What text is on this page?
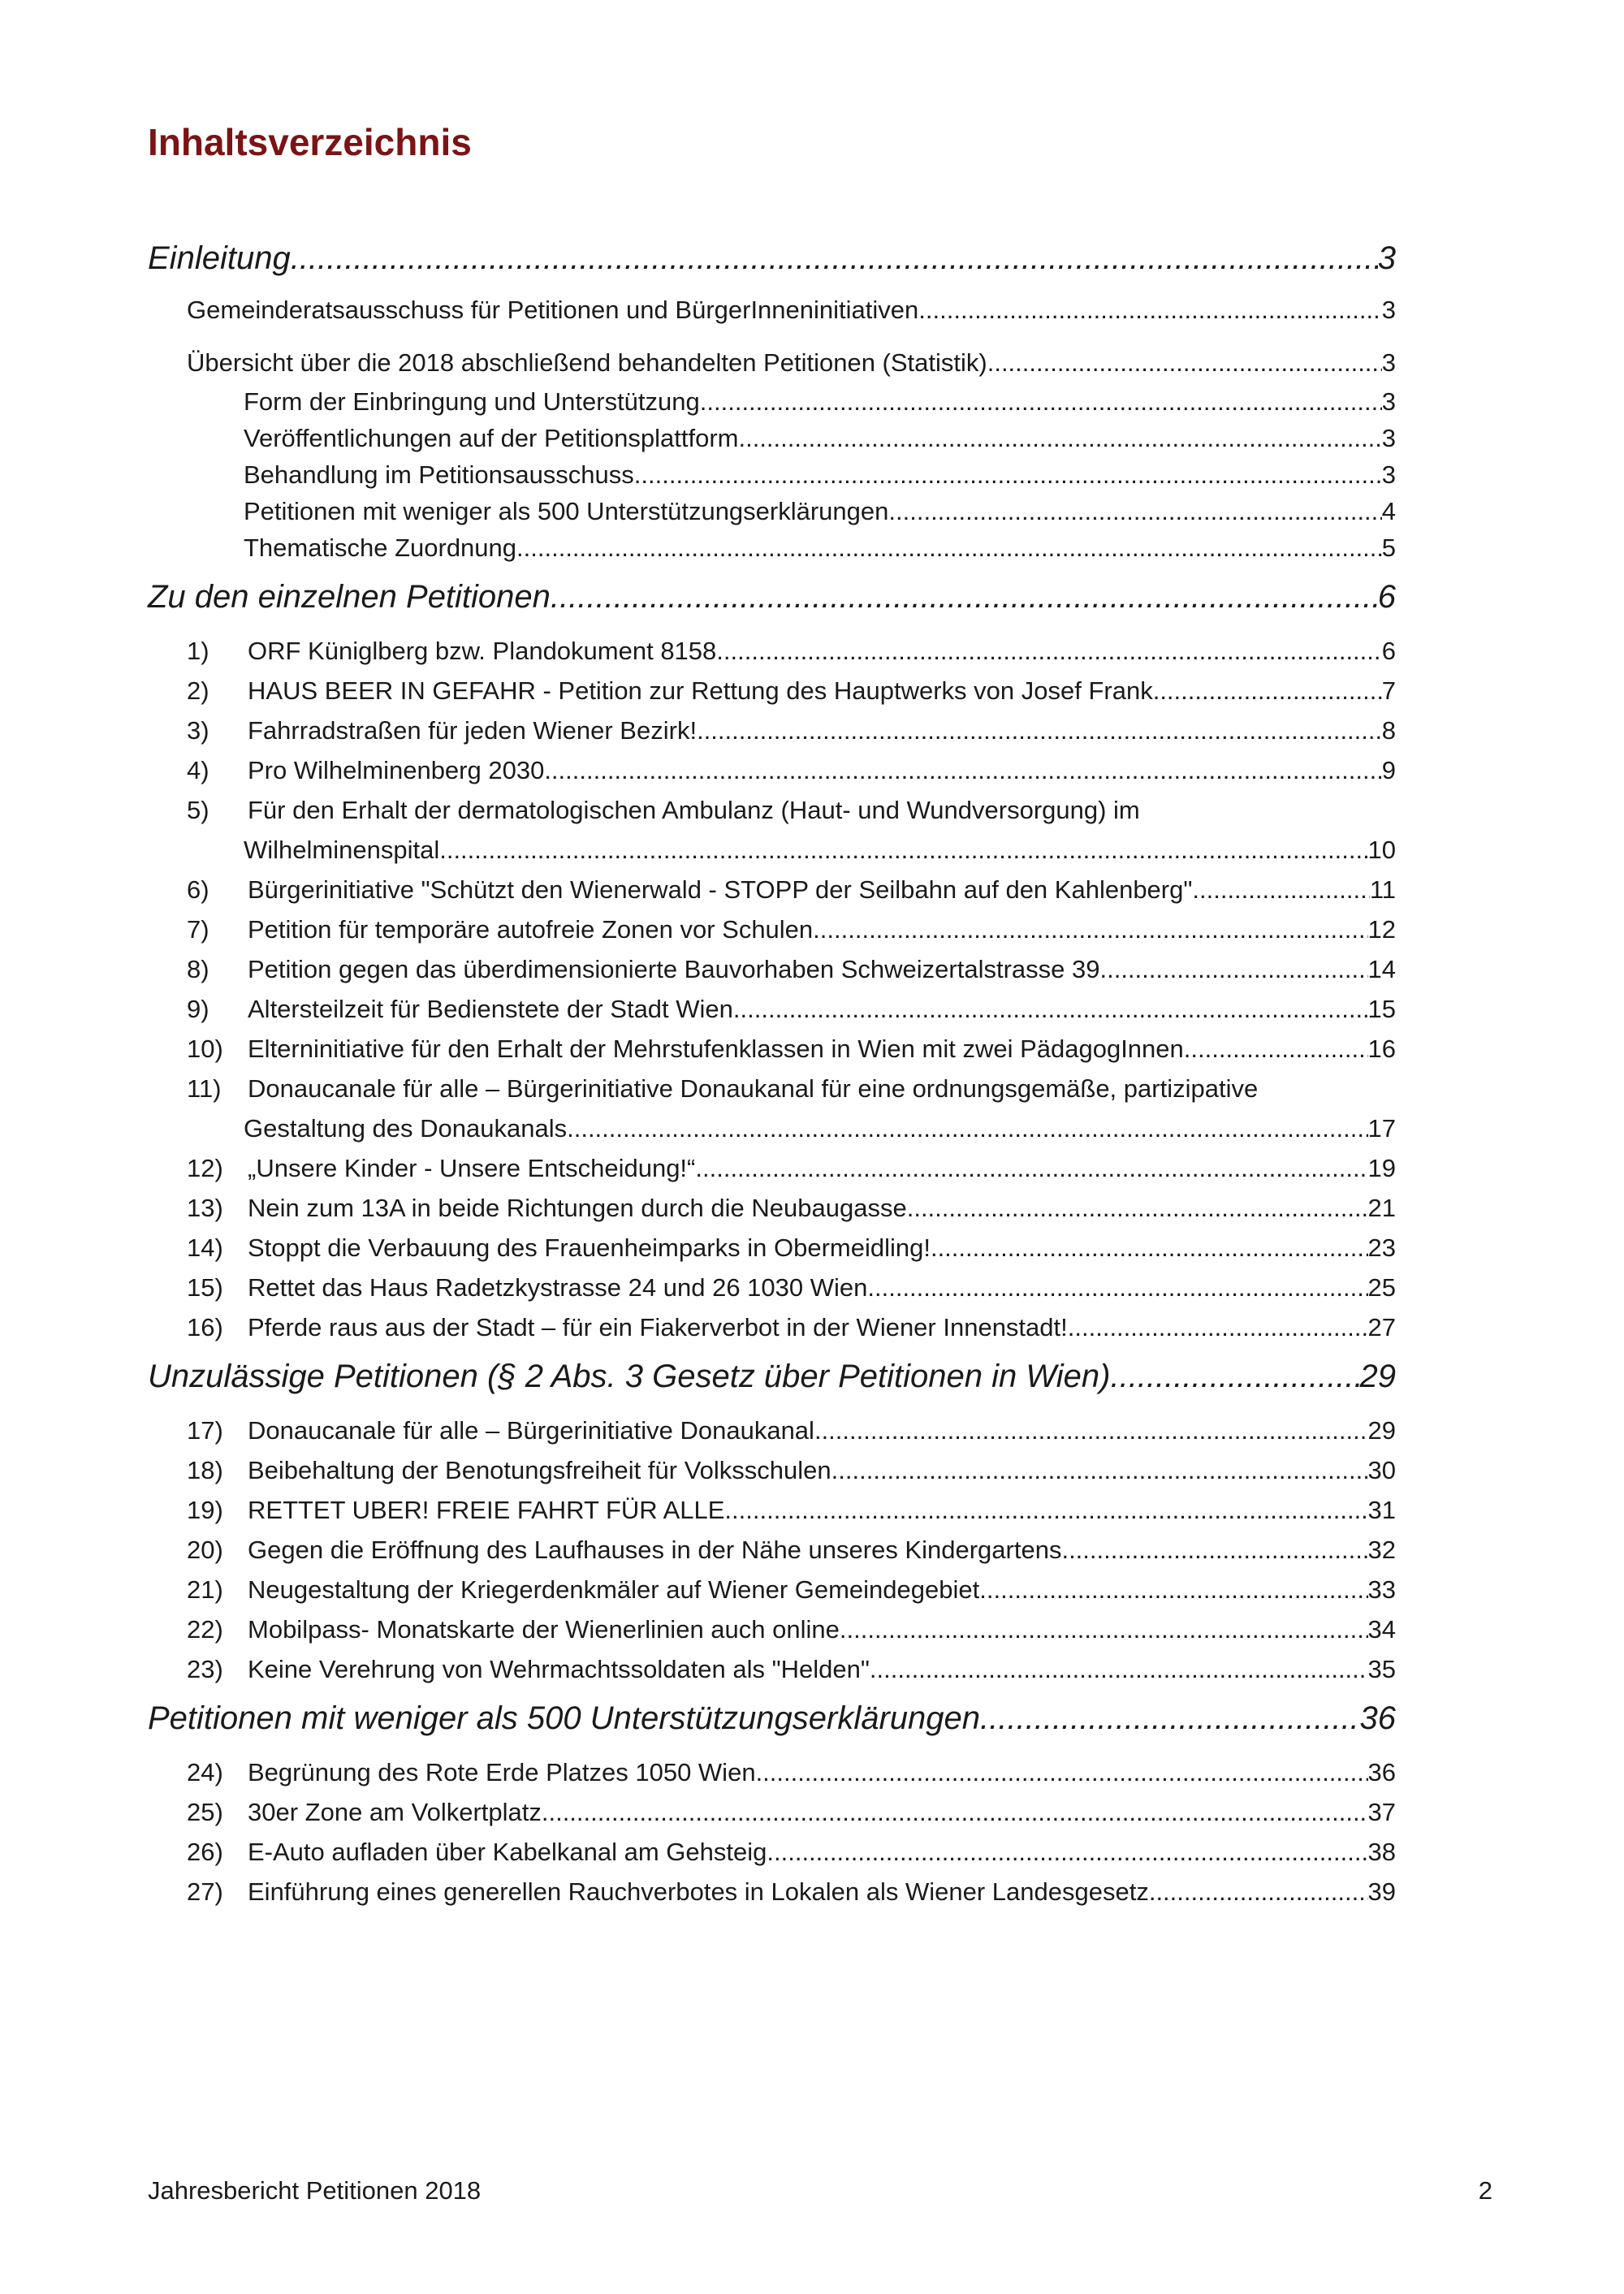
Inhaltsverzeichnis
Einleitung .....	3
Gemeinderatsausschuss für Petitionen und BürgerInneninitiativen .....	3
Übersicht über die 2018 abschließend behandelten Petitionen (Statistik) .....	3
Form der Einbringung und Unterstützung .....	3
Veröffentlichungen auf der Petitionsplattform .....	3
Behandlung im Petitionsausschuss .....	3
Petitionen mit weniger als 500 Unterstützungserklärungen .....	4
Thematische Zuordnung .....	5
Zu den einzelnen Petitionen .....	6
1)	ORF Küniglberg bzw. Plandokument 8158 .....	6
2)	HAUS BEER IN GEFAHR - Petition zur Rettung des Hauptwerks von Josef Frank .....	7
3)	Fahrradstraßen für jeden Wiener Bezirk! .....	8
4)	Pro Wilhelminenberg 2030 .....	9
5)	Für den Erhalt der dermatologischen Ambulanz (Haut- und Wundversorgung) im
Wilhelminenspital .....	10
6)	Bürgerinitiative "Schützt den Wienerwald - STOPP der Seilbahn auf den Kahlenberg" .....	11
7)	Petition für temporäre autofreie Zonen vor Schulen .....	12
8)	Petition gegen das überdimensionierte Bauvorhaben Schweizertalstrasse 39 .....	14
9)	Altersteilzeit für Bedienstete der Stadt Wien .....	15
10) Elterninitiative für den Erhalt der Mehrstufenklassen in Wien mit zwei PädagogInnen .....	16
11)	Donaucanale für alle – Bürgerinitiative Donaukanal für eine ordnungsgemäße, partizipative
Gestaltung des Donaukanals .....	17
12) „Unsere Kinder - Unsere Entscheidung!“ .....	19
13) Nein zum 13A in beide Richtungen durch die Neubaugasse .....	21
14) Stoppt die Verbauung des Frauenheimparks in Obermeidling! .....	23
15) Rettet das Haus Radetzkystrasse 24 und 26 1030 Wien .....	25
16) Pferde raus aus der Stadt – für ein Fiakerverbot in der Wiener Innenstadt! .....	27
Unzulässige Petitionen (§ 2 Abs. 3 Gesetz über Petitionen in Wien) .....	29
17) Donaucanale für alle – Bürgerinitiative Donaukanal .....	29
18) Beibehaltung der Benotungsfreiheit für Volksschulen .....	30
19) RETTET UBER! FREIE FAHRT FÜR ALLE .....	31
20) Gegen die Eröffnung des Laufhauses in der Nähe unseres Kindergartens .....	32
21) Neugestaltung der Kriegerdenkmäler auf Wiener Gemeindegebiet .....	33
22) Mobilpass- Monatskarte der Wienerlinien auch online .....	34
23) Keine Verehrung von Wehrmachtssoldaten als "Helden" .....	35
Petitionen mit weniger als 500 Unterstützungserklärungen .....	36
24) Begrünung des Rote Erde Platzes 1050 Wien .....	36
25) 30er Zone am Volkertplatz .....	37
26) E-Auto aufladen über Kabelkanal am Gehsteig .....	38
27) Einführung eines generellen Rauchverbotes in Lokalen als Wiener Landesgesetz .....	39
Jahresbericht Petitionen 2018	2
